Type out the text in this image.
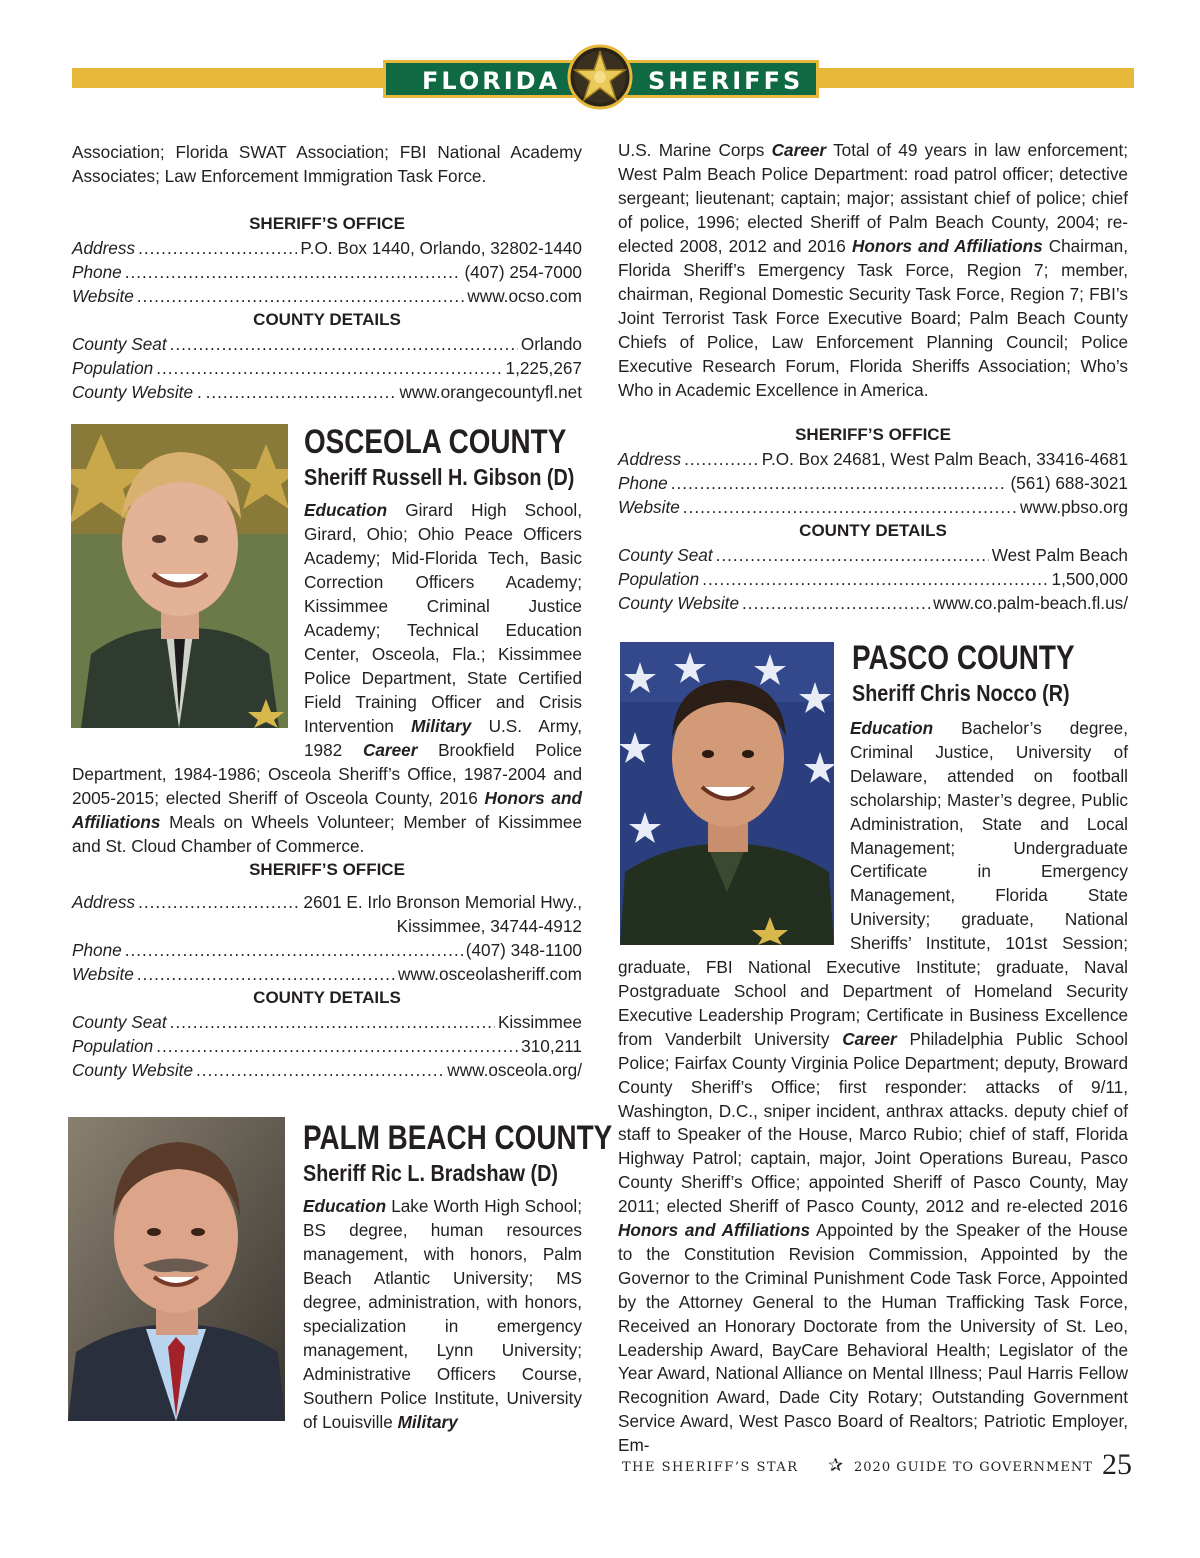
FLORIDA	SHERIFFS
Association; Florida SWAT Association; FBI National Academy Associates; Law Enforcement Immigration Task Force.
SHERIFF’S OFFICE
Address .....	P.O. Box 1440, Orlando, 32802-1440
Phone .....	(407) 254-7000
Website .....	www.ocso.com
COUNTY DETAILS
County Seat .....	Orlando
Population .....	1,225,267
County Website . .....	www.orangecountyfl.net
OSCEOLA COUNTY
Sheriff Russell H. Gibson (D)
Education Girard High School, Girard, Ohio; Ohio Peace Officers Academy; Mid-Florida Tech, Basic Correction Officers Academy; Kissimmee Criminal Justice Academy; Technical Education Center, Osceola, Fla.; Kissimmee Police Department, State Certified Field Training Officer and Crisis Intervention Military U.S. Army, 1982 Career Brookfield Police Department, 1984-1986; Osceola Sheriff’s Office, 1987-2004 and 2005-2015; elected Sheriff of Osceola County, 2016 Honors and Affiliations Meals on Wheels Volunteer; Member of Kissimmee and St. Cloud Chamber of Commerce.
SHERIFF’S OFFICE
Address .....	2601 E. Irlo Bronson Memorial Hwy.,
Kissimmee, 34744-4912
Phone .....	(407) 348-1100
Website .....	www.osceolasheriff.com
COUNTY DETAILS
County Seat .....	Kissimmee
Population .....	310,211
County Website .....	www.osceola.org/
PALM BEACH COUNTY
Sheriff Ric L. Bradshaw (D)
Education Lake Worth High School; BS degree, human resources management, with honors, Palm Beach Atlantic University; MS degree, administration, with honors, specialization in emergency management, Lynn University; Administrative Officers Course, Southern Police Institute, University of Louisville Military
U.S. Marine Corps Career Total of 49 years in law enforcement; West Palm Beach Police Department: road patrol officer; detective sergeant; lieutenant; captain; major; assistant chief of police; chief of police, 1996; elected Sheriff of Palm Beach County, 2004; re-elected 2008, 2012 and 2016 Honors and Affiliations Chairman, Florida Sheriff’s Emergency Task Force, Region 7; member, chairman, Regional Domestic Security Task Force, Region 7; FBI’s Joint Terrorist Task Force Executive Board; Palm Beach County Chiefs of Police, Law Enforcement Planning Council; Police Executive Research Forum, Florida Sheriffs Association; Who’s Who in Academic Excellence in America.
SHERIFF’S OFFICE
Address .....	P.O. Box 24681, West Palm Beach, 33416-4681
Phone .....	(561) 688-3021
Website .....	www.pbso.org
COUNTY DETAILS
County Seat .....	West Palm Beach
Population .....	1,500,000
County Website .....	www.co.palm-beach.fl.us/
PASCO COUNTY
Sheriff Chris Nocco (R)
Education Bachelor’s degree, Criminal Justice, University of Delaware, attended on football scholarship; Master’s degree, Public Administration, State and Local Management; Undergraduate Certificate in Emergency Management, Florida State University; graduate, National Sheriffs’ Institute, 101st Session; graduate, FBI National Executive Institute; graduate, Naval Postgraduate School and Department of Homeland Security Executive Leadership Program; Certificate in Business Excellence from Vanderbilt University Career Philadelphia Public School Police; Fairfax County Virginia Police Department; deputy, Broward County Sheriff’s Office; first responder: attacks of 9/11, Washington, D.C., sniper incident, anthrax attacks. deputy chief of staff to Speaker of the House, Marco Rubio; chief of staff, Florida Highway Patrol; captain, major, Joint Operations Bureau, Pasco County Sheriff’s Office; appointed Sheriff of Pasco County, May 2011; elected Sheriff of Pasco County, 2012 and re-elected 2016 Honors and Affiliations Appointed by the Speaker of the House to the Constitution Revision Commission, Appointed by the Governor to the Criminal Punishment Code Task Force, Appointed by the Attorney General to the Human Trafficking Task Force, Received an Honorary Doctorate from the University of St. Leo, Leadership Award, BayCare Behavioral Health; Legislator of the Year Award, National Alliance on Mental Illness; Paul Harris Fellow Recognition Award, Dade City Rotary; Outstanding Government Service Award, West Pasco Board of Realtors; Patriotic Employer, Em-
THE SHERIFF’S STAR ✰ 2020 GUIDE TO GOVERNMENT 25
